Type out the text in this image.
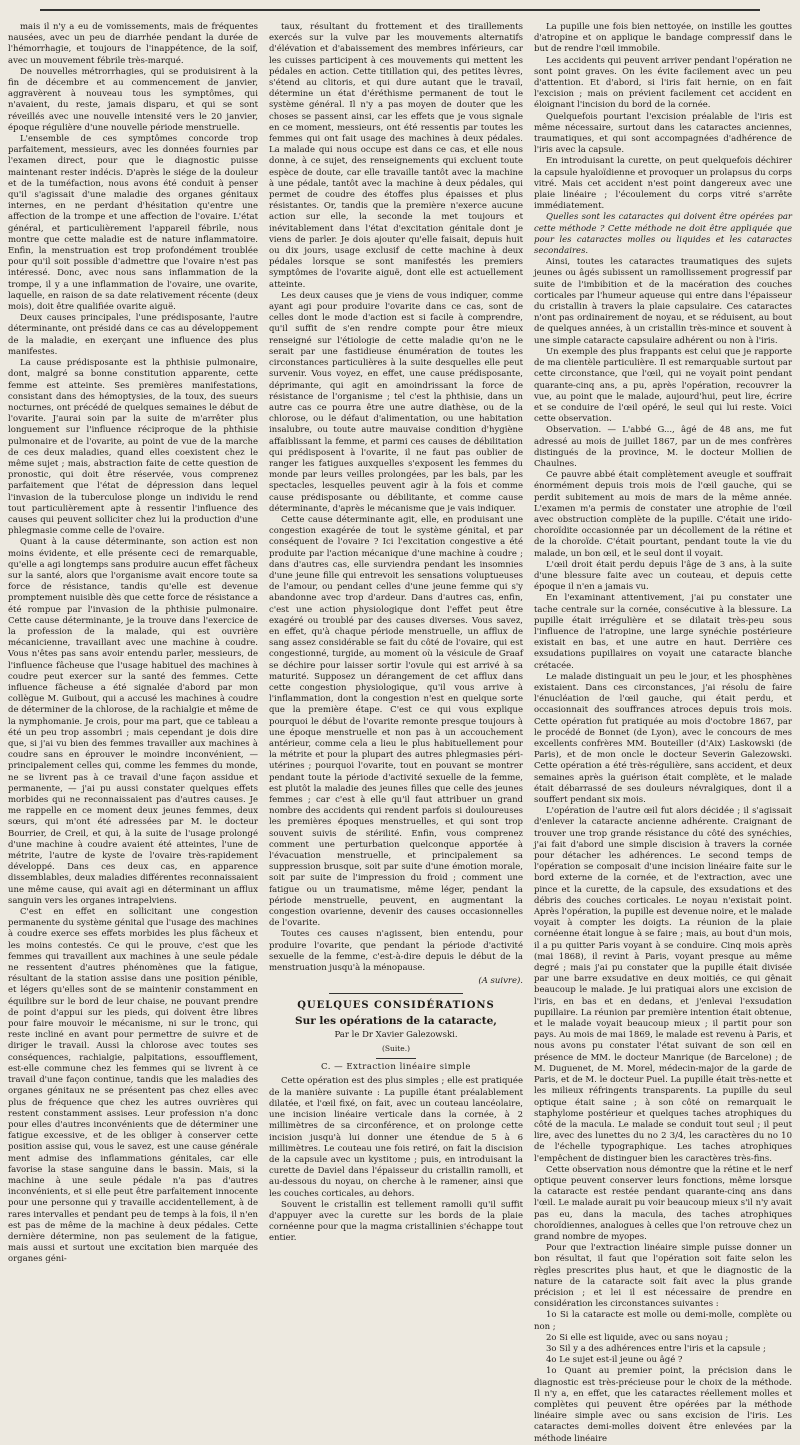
mais il n'y a eu de vomissements, mais de fréquentes nausées, avec un peu de diarrhée pendant la durée de l'hémorrhagie, et toujours de l'inappétence, de la soif, avec un mouvement fébrile très-marqué.

De nouvelles métrorrhagies, qui se produisirent à la fin de décembre et au commencement de janvier, aggravèrent à nouveau tous les symptômes, qui n'avaient, du reste, jamais disparu, et qui se sont réveillés avec une nouvelle intensité vers le 20 janvier, époque régulière d'une nouvelle période menstruelle.

L'ensemble de ces symptômes concorde trop parfaitement, messieurs, avec les données fournies par l'examen direct, pour que le diagnostic puisse maintenant rester indécis. D'après le siége de la douleur et de la tuméfaction, nous avons été conduit à penser qu'il s'agissait d'une maladie des organes génitaux internes, en ne perdant d'hésitation qu'entre une affection de la trompe et une affection de l'ovaire. L'état général, et particulièrement l'appareil fébrile, nous montre que cette maladie est de nature inflammatoire. Enfin, la menstruation est trop profondément troublée pour qu'il soit possible d'admettre que l'ovaire n'est pas intéressé. Donc, avec nous sans inflammation de la trompe, il y a une inflammation de l'ovaire, une ovarite, laquelle, en raison de sa date relativement récente (deux mois), doit être qualifiée ovarite aiguë.

Deux causes principales, l'une prédisposante, l'autre déterminante, ont présidé dans ce cas au développement de la maladie, en exerçant une influence des plus manifestes.

La cause prédisposante est la phthisie pulmonaire, dont, malgré sa bonne constitution apparente, cette femme est atteinte. Ses premières manifestations, consistant dans des hémoptysies, de la toux, des sueurs nocturnes, ont précédé de quelques semaines le début de l'ovarite. J'aurai soin par la suite de m'arrêter plus longuement sur l'influence réciproque de la phthisie pulmonaire et de l'ovarite, au point de vue de la marche de ces deux maladies, quand elles coexistent chez le même sujet ; mais, abstraction faite de cette question de pronostic, qui doit être réservée, vous comprenez parfaitement que l'état de dépression dans lequel l'invasion de la tuberculose plonge un individu le rend tout particulièrement apte à ressentir l'influence des causes qui peuvent solliciter chez lui la production d'une phlegmasie comme celle de l'ovaire.

Quant à la cause déterminante, son action est non moins évidente, et elle présente ceci de remarquable, qu'elle a agi longtemps sans produire aucun effet fâcheux sur la santé, alors que l'organisme avait encore toute sa force de résistance, tandis qu'elle est devenue promptement nuisible dès que cette force de résistance a été rompue par l'invasion de la phthisie pulmonaire. Cette cause déterminante, je la trouve dans l'exercice de la profession de la malade, qui est ouvrière mécanicienne, travaillant avec une machine à coudre. Vous n'êtes pas sans avoir entendu parler, messieurs, de l'influence fâcheuse que l'usage habituel des machines à coudre peut exercer sur la santé des femmes. Cette influence fâcheuse a été signalée d'abord par mon collègue M. Guibout, qui a accusé les machines à coudre de déterminer de la chlorose, de la rachialgie et même de la nymphomanie. Je crois, pour ma part, que ce tableau a été un peu trop assombri ; mais cependant je dois dire que, si j'ai vu bien des femmes travailler aux machines à coudre sans en éprouver le moindre inconvénient, — principalement celles qui, comme les femmes du monde, ne se livrent pas à ce travail d'une façon assidue et permanente, — j'ai pu aussi constater quelques effets morbides qui ne reconnaissaient pas d'autres causes. Je me rappelle en ce moment deux jeunes femmes, deux sœurs, qui m'ont été adressées par M. le docteur Bourrier, de Creil, et qui, à la suite de l'usage prolongé d'une machine à coudre avaient été atteintes, l'une de métrite, l'autre de kyste de l'ovaire très-rapidement développé. Dans ces deux cas, en apparence dissemblables, deux maladies différentes reconnaissaient une même cause, qui avait agi en déterminant un afflux sanguin vers les organes intrapelviens.

C'est en effet en sollicitant une congestion permanente du système génital que l'usage des machines à coudre exerce ses effets morbides les plus fâcheux et les moins contestés. Ce qui le prouve, c'est que les femmes qui travaillent aux machines à une seule pédale ne ressentent d'autres phénomènes que la fatigue, résultant de la station assise dans une position pénible, et légers qu'elles sont de se maintenir constamment en équilibre sur le bord de leur chaise, ne pouvant prendre de point d'appui sur les pieds, qui doivent être libres pour faire mouvoir le mécanisme, ni sur le tronc, qui reste incliné en avant pour permettre de suivre et de diriger le travail. Aussi la chlorose avec toutes ses conséquences, rachialgie, palpitations, essoufflement, est-elle commune chez les femmes qui se livrent à ce travail d'une façon continue, tandis que les maladies des organes génitaux ne se présentent pas chez elles avec plus de fréquence que chez les autres ouvrières qui restent constamment assises. Leur profession n'a donc pour elles d'autres inconvénients que de déterminer une fatigue excessive, et de les obliger à conserver cette position assise qui, vous le savez, est une cause générale ment admise des inflammations génitales, car elle favorise la stase sanguine dans le bassin. Mais, si la machine à une seule pédale n'a pas d'autres inconvénients, et si elle peut être parfaitement innocente pour une personne qui y travaille accidentellement, à de rares intervalles et pendant peu de temps à la fois, il n'en est pas de même de la machine à deux pédales. Cette dernière détermine, non pas seulement de la fatigue, mais aussi et surtout une excitation bien marquée des organes géni-

taux, résultant du frottement et des tiraillements exercés sur la vulve par les mouvements alternatifs d'élévation et d'abaissement des membres inférieurs, car les cuisses participent à ces mouvements qui mettent les pédales en action. Cette titillation qui, des petites lèvres, s'étend au clitoris, et qui dure autant que le travail, détermine un état d'éréthisme permanent de tout le système général. Il n'y a pas moyen de douter que les choses se passent ainsi, car les effets que je vous signale en ce moment, messieurs, ont été ressentis par toutes les femmes qui ont fait usage des machines à deux pédales. La malade qui nous occupe est dans ce cas, et elle nous donne, à ce sujet, des renseignements qui excluent toute espèce de doute, car elle travaille tantôt avec la machine à une pédale, tantôt avec la machine à deux pédales, qui permet de coudre des étoffes plus épaisses et plus résistantes. Or, tandis que la première n'exerce aucune action sur elle, la seconde la met toujours et inévitablement dans l'état d'excitation génitale dont je viens de parler. Je dois ajouter qu'elle faisait, depuis huit ou dix jours, usage exclusif de cette machine à deux pédales lorsque se sont manifestés les premiers symptômes de l'ovarite aiguë, dont elle est actuellement atteinte.

Les deux causes que je viens de vous indiquer, comme ayant agi pour produire l'ovarite dans ce cas, sont de celles dont le mode d'action est si facile à comprendre, qu'il suffit de s'en rendre compte pour être mieux renseigné sur l'étiologie de cette maladie qu'on ne le serait par une fastidieuse énumération de toutes les circonstances particulières à la suite desquelles elle peut survenir. Vous voyez, en effet, une cause prédisposante, déprimante, qui agit en amoindrissant la force de résistance de l'organisme ; tel c'est la phthisie, dans un autre cas ce pourra être une autre diathèse, ou de la chlorose, ou le défaut d'alimentation, ou une habitation insalubre, ou toute autre mauvaise condition d'hygiène affaiblissant la femme, et parmi ces causes de débilitation qui prédisposent à l'ovarite, il ne faut pas oublier de ranger les fatigues auxquelles s'exposent les femmes du monde par leurs veilles prolongées, par les bals, par les spectacles, lesquelles peuvent agir à la fois et comme cause prédisposante ou débilitante, et comme cause déterminante, d'après le mécanisme que je vais indiquer.

Cette cause déterminante agit, elle, en produisant une congestion exagérée de tout le système génital, et par conséquent de l'ovaire ? Ici l'excitation congestive a été produite par l'action mécanique d'une machine à coudre ; dans d'autres cas, elle surviendra pendant les insomnies d'une jeune fille qui entrevoit les sensations voluptueuses de l'amour, ou pendant celles d'une jeune femme qui s'y abandonne avec trop d'ardeur. Dans d'autres cas, enfin, c'est une action physiologique dont l'effet peut être exagéré ou troublé par des causes diverses. Vous savez, en effet, qu'à chaque période menstruelle, un afflux de sang assez considérable se fait du côté de l'ovaire, qui est congestionné, turgide, au moment où la vésicule de Graaf se déchire pour laisser sortir l'ovule qui est arrivé à sa maturité. Supposez un dérangement de cet afflux dans cette congestion physiologique, qu'il vous arrive à l'inflammation, dont la congestion n'est en quelque sorte que la première étape. C'est ce qui vous explique pourquoi le début de l'ovarite remonte presque toujours à une époque menstruelle et non pas à un accouchement antérieur, comme cela a lieu le plus habituellement pour la métrite et pour la plupart des autres phlegmasies péri-utérines ; pourquoi l'ovarite, tout en pouvant se montrer pendant toute la période d'activité sexuelle de la femme, est plutôt la maladie des jeunes filles que celle des jeunes femmes ; car c'est à elle qu'il faut attribuer un grand nombre des accidents qui rendent parfois si douloureuses les premières époques menstruelles, et qui sont trop souvent suivis de stérilité. Enfin, vous comprenez comment une perturbation quelconque apportée à l'évacuation menstruelle, et principalement sa suppression brusque, soit par suite d'une émotion morale, soit par suite de l'impression du froid ; comment une fatigue ou un traumatisme, même léger, pendant la période menstruelle, peuvent, en augmentant la congestion ovarienne, devenir des causes occasionnelles de l'ovarite.

Toutes ces causes n'agissent, bien entendu, pour produire l'ovarite, que pendant la période d'activité sexuelle de la femme, c'est-à-dire depuis le début de la menstruation jusqu'à la ménopause.

(A suivre).
QUELQUES CONSIDÉRATIONS
Sur les opérations de la cataracte,
Par le Dr Xavier Galezowski.
(Suite.)
C. — Extraction linéaire simple

Cette opération est des plus simples ; elle est pratiquée de la manière suivante : La pupille étant préalablement dilatée, et l'œil fixé, on fait, avec un couteau lancéolaire, une incision linéaire verticale dans la cornée, à 2 millimètres de sa circonférence, et on prolonge cette incision jusqu'à lui donner une étendue de 5 à 6 millimètres. Le couteau une fois retiré, on fait la discision de la capsule avec un kystitome ; puis, en introduisant la curette de Daviel dans l'épaisseur du cristallin ramolli, et au-dessous du noyau, on cherche à le ramener, ainsi que les couches corticales, au dehors.

Souvent le cristallin est tellement ramolli qu'il suffit d'appuyer avec la curette sur les bords de la plaie cornéenne pour que la magma cristallinien s'échappe tout entier.

La pupille une fois bien nettoyée, on instille les gouttes d'atropine et on applique le bandage compressif dans le but de rendre l'œil immobile.

Les accidents qui peuvent arriver pendant l'opération ne sont point graves. On les évite facilement avec un peu d'attention. Et d'abord, si l'iris fait hernie, on en fait l'excision ; mais on prévient facilement cet accident en éloignant l'incision du bord de la cornée.

Quelquefois pourtant l'excision préalable de l'iris est même nécessaire, surtout dans les cataractes anciennes, traumatiques, et qui sont accompagnées d'adhérence de l'iris avec la capsule.

En introduisant la curette, on peut quelquefois déchirer la capsule hyaloïdienne et provoquer un prolapsus du corps vitré. Mais cet accident n'est point dangereux avec une plaie linéaire ; l'écoulement du corps vitré s'arrête immédiatement.

Quelles sont les cataractes qui doivent être opérées par cette méthode ? Cette méthode ne doit être appliquée que pour les cataractes molles ou liquides et les cataractes secondaires.

Ainsi, toutes les cataractes traumatiques des sujets jeunes ou âgés subissent un ramollissement progressif par suite de l'imbibition et de la macération des couches corticales par l'humeur aqueuse qui entre dans l'épaisseur du cristallin à travers la plaie capsulaire. Ces cataractes n'ont pas ordinairement de noyau, et se réduisent, au bout de quelques années, à un cristallin très-mince et souvent à une simple cataracte capsulaire adhérent ou non à l'iris.

Un exemple des plus frappants est celui que je rapporte de ma clientèle particulière. Il est remarquable surtout par cette circonstance, que l'œil, qui ne voyait point pendant quarante-cinq ans, a pu, après l'opération, recouvrer la vue, au point que le malade, aujourd'hui, peut lire, écrire et se conduire de l'œil opéré, le seul qui lui reste. Voici cette observation.

Observation. — L'abbé G..., âgé de 48 ans, me fut adressé au mois de juillet 1867, par un de mes confrères distingués de la province, M. le docteur Mollien de Chaulnes.

Ce pauvre abbé était complètement aveugle et souffrait énormément depuis trois mois de l'œil gauche, qui se perdit subitement au mois de mars de la même année. L'examen m'a permis de constater une atrophie de l'œil avec obstruction complète de la pupille. C'était une irido-choroïdite occasionnée par un décollement de la rétine et de la choroïde. C'était pourtant, pendant toute la vie du malade, un bon œil, et le seul dont il voyait.

L'œil droit était perdu depuis l'âge de 3 ans, à la suite d'une blessure faite avec un couteau, et depuis cette époque il n'en a jamais vu.

En l'examinant attentivement, j'ai pu constater une tache centrale sur la cornée, consécutive à la blessure. La pupille était irrégulière et se dilatait très-peu sous l'influence de l'atropine, une large synéchie postérieure existait en bas, et une autre en haut. Derrière ces exsudations pupillaires on voyait une cataracte blanche crétacée.

Le malade distinguait un peu le jour, et les phosphènes existaient. Dans ces circonstances, j'ai résolu de faire l'énucléation de l'œil gauche, qui était perdu, et occasionnait des souffrances atroces depuis trois mois. Cette opération fut pratiquée au mois d'octobre 1867, par le procédé de Bonnet (de Lyon), avec le concours de mes excellents confrères MM. Bouteiller (d'Aix) Laskowski (de Paris), et de mon oncle le docteur Severin Galezowski. Cette opération a été très-régulière, sans accident, et deux semaines après la guérison était complète, et le malade était débarrassé de ses douleurs névralgiques, dont il a souffert pendant six mois.

L'opération de l'autre œil fut alors décidée ; il s'agissait d'enlever la cataracte ancienne adhérente. Craignant de trouver une trop grande résistance du côté des synéchies, j'ai fait d'abord une simple discision à travers la cornée pour détacher les adhérences. Le second temps de l'opération se composait d'une incision linéaire faite sur le bord externe de la cornée, et de l'extraction, avec une pince et la curette, de la capsule, des exsudations et des débris des couches corticales. Le noyau n'existait point. Après l'opération, la pupille est devenue noire, et le malade voyait à compter les doigts. La réunion de la plaie cornéenne était longue à se faire ; mais, au bout d'un mois, il a pu quitter Paris voyant à se conduire. Cinq mois après (mai 1868), il revint à Paris, voyant presque au même degré ; mais j'ai pu constater que la pupille était divisée par une barre exsudative en deux moitiés, ce qui gênait beaucoup le malade. Je lui pratiquai alors une excision de l'iris, en bas et en dedans, et j'enlevai l'exsudation pupillaire. La réunion par première intention était obtenue, et le malade voyait beaucoup mieux ; il partit pour son pays. Au mois de mai 1869, le malade est revenu à Paris, et nous avons pu constater l'état suivant de son œil en présence de MM. le docteur Manrique (de Barcelone) ; de M. Duguenet, de M. Morel, médecin-major de la garde de Paris, et de M. le docteur Puel. La pupille était très-nette et les milieux réfringents transparents. La pupille du seul optique était saine ; à son côté on remarquait le staphylome postérieur et quelques taches atrophiques du côté de la macula. Le malade se conduit tout seul ; il peut lire, avec des lunettes du no 2 3/4, les caractères du no 10 de l'échelle typographique. Les taches atrophiques l'empêchent de distinguer bien les caractères très-fins.

Cette observation nous démontre que la rétine et le nerf optique peuvent conserver leurs fonctions, même lorsque la cataracte est restée pendant quarante-cinq ans dans l'œil. Le malade aurait pu voir beaucoup mieux s'il n'y avait pas eu, dans la macula, des taches atrophiques choroïdiennes, analogues à celles que l'on retrouve chez un grand nombre de myopes.

Pour que l'extraction linéaire simple puisse donner un bon résultat, il faut que l'opération soit faite selon les règles prescrites plus haut, et que le diagnostic de la nature de la cataracte soit fait avec la plus grande précision ; et lei il est nécessaire de prendre en considération les circonstances suivantes :

1o Si la cataracte est molle ou demi-molle, complète ou non ;

2o Si elle est liquide, avec ou sans noyau ;

3o Sil y a des adhérences entre l'iris et la capsule ;

4o Le sujet est-il jeune ou âgé ?

1o Quant au premier point, la précision dans le diagnostic est très-précieuse pour le choix de la méthode. Il n'y a, en effet, que les cataractes réellement molles et complètes qui peuvent être opérées par la méthode linéaire simple avec ou sans excision de l'iris. Les cataractes demi-molles doivent être enlevées par la méthode linéaire
